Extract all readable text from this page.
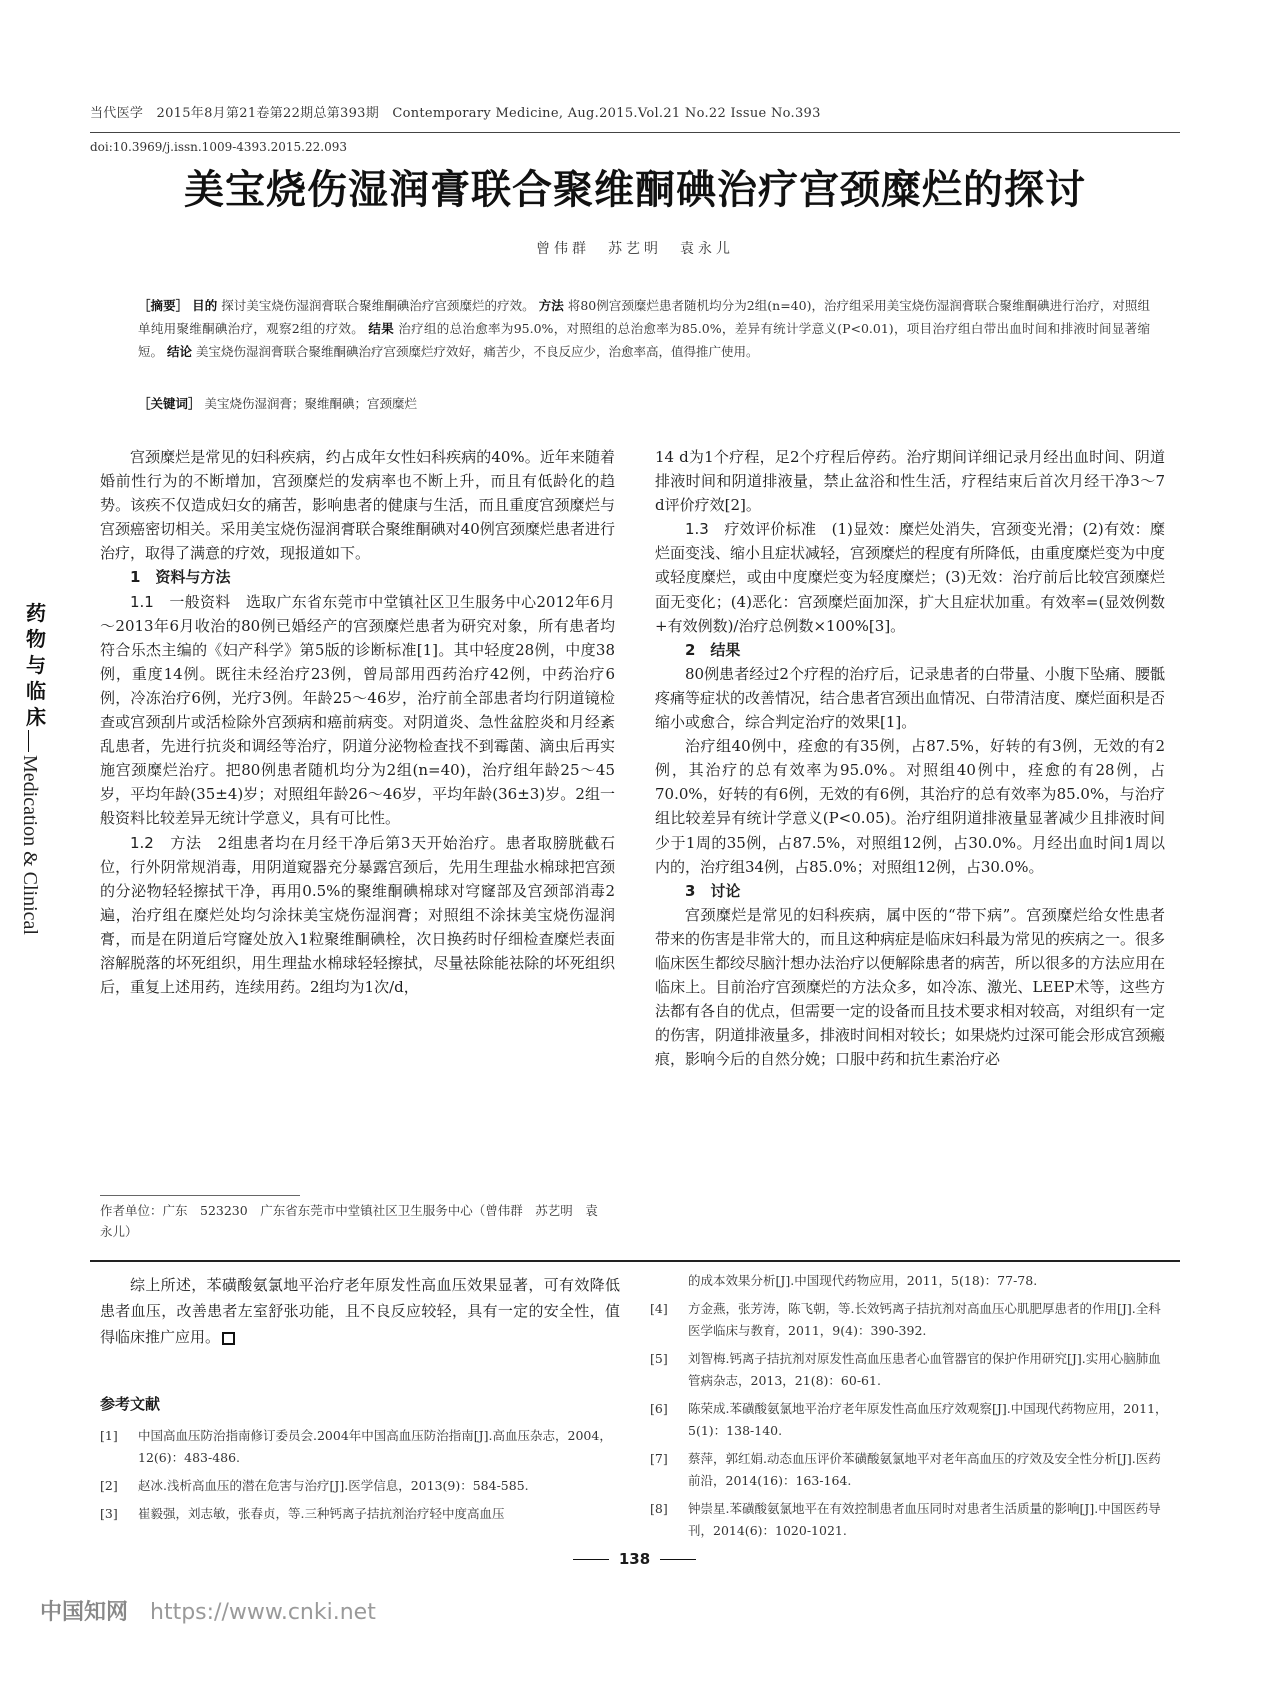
当代医学　2015年8月第21卷第22期总第393期　Contemporary Medicine, Aug.2015.Vol.21 No.22 Issue No.393
doi:10.3969/j.issn.1009-4393.2015.22.093
美宝烧伤湿润膏联合聚维酮碘治疗宫颈糜烂的探讨
曾伟群　苏艺明　袁永儿
［摘要］ 目的 探讨美宝烧伤湿润膏联合聚维酮碘治疗宫颈糜烂的疗效。 方法 将80例宫颈糜烂患者随机均分为2组(n=40)，治疗组采用美宝烧伤湿润膏联合聚维酮碘进行治疗，对照组单纯用聚维酮碘治疗，观察2组的疗效。 结果 治疗组的总治愈率为95.0%，对照组的总治愈率为85.0%，差异有统计学意义(P<0.01)，项目治疗组白带出血时间和排液时间显著缩短。 结论 美宝烧伤湿润膏联合聚维酮碘治疗宫颈糜烂疗效好，痛苦少，不良反应少，治愈率高，值得推广使用。
［关键词］ 美宝烧伤湿润膏；聚维酮碘；宫颈糜烂
药
物
与
临
床
Medication & Clinical

宫颈糜烂是常见的妇科疾病，约占成年女性妇科疾病的40%。近年来随着婚前性行为的不断增加，宫颈糜烂的发病率也不断上升，而且有低龄化的趋势。该疾不仅造成妇女的痛苦，影响患者的健康与生活，而且重度宫颈糜烂与宫颈癌密切相关。采用美宝烧伤湿润膏联合聚维酮碘对40例宫颈糜烂患者进行治疗，取得了满意的疗效，现报道如下。

1　资料与方法

1.1　一般资料　 选取广东省东莞市中堂镇社区卫生服务中心2012年6月～2013年6月收治的80例已婚经产的宫颈糜烂患者为研究对象，所有患者均符合乐杰主编的《妇产科学》第5版的诊断标准[1]。其中轻度28例，中度38例，重度14例。既往未经治疗23例，曾局部用西药治疗42例，中药治疗6例，冷冻治疗6例，光疗3例。年龄25～46岁，治疗前全部患者均行阴道镜检查或宫颈刮片或活检除外宫颈病和癌前病变。对阴道炎、急性盆腔炎和月经紊乱患者，先进行抗炎和调经等治疗，阴道分泌物检查找不到霉菌、滴虫后再实施宫颈糜烂治疗。把80例患者随机均分为2组(n=40)，治疗组年龄25～45岁，平均年龄(35±4)岁；对照组年龄26～46岁，平均年龄(36±3)岁。2组一般资料比较差异无统计学意义，具有可比性。

1.2　方法　 2组患者均在月经干净后第3天开始治疗。患者取膀胱截石位，行外阴常规消毒，用阴道窥器充分暴露宫颈后，先用生理盐水棉球把宫颈的分泌物轻轻擦拭干净，再用0.5%的聚维酮碘棉球对穹窿部及宫颈部消毒2遍，治疗组在糜烂处均匀涂抹美宝烧伤湿润膏；对照组不涂抹美宝烧伤湿润膏，而是在阴道后穹窿处放入1粒聚维酮碘栓，次日换药时仔细检查糜烂表面溶解脱落的坏死组织，用生理盐水棉球轻轻擦拭，尽量祛除能祛除的坏死组织后，重复上述用药，连续用药。2组均为1次/d，

14 d为1个疗程，足2个疗程后停药。治疗期间详细记录月经出血时间、阴道排液时间和阴道排液量，禁止盆浴和性生活，疗程结束后首次月经干净3～7 d评价疗效[2]。

1.3　疗效评价标准　 (1)显效：糜烂处消失，宫颈变光滑；(2)有效：糜烂面变浅、缩小且症状减轻，宫颈糜烂的程度有所降低，由重度糜烂变为中度或轻度糜烂，或由中度糜烂变为轻度糜烂；(3)无效：治疗前后比较宫颈糜烂面无变化；(4)恶化：宫颈糜烂面加深，扩大且症状加重。有效率=(显效例数+有效例数)/治疗总例数×100%[3]。

2　结果

80例患者经过2个疗程的治疗后，记录患者的白带量、小腹下坠痛、腰骶疼痛等症状的改善情况，结合患者宫颈出血情况、白带清洁度、糜烂面积是否缩小或愈合，综合判定治疗的效果[1]。

治疗组40例中，痊愈的有35例，占87.5%，好转的有3例，无效的有2例，其治疗的总有效率为95.0%。对照组40例中，痊愈的有28例，占70.0%，好转的有6例，无效的有6例，其治疗的总有效率为85.0%，与治疗组比较差异有统计学意义(P<0.05)。治疗组阴道排液量显著减少且排液时间少于1周的35例，占87.5%，对照组12例，占30.0%。月经出血时间1周以内的，治疗组34例，占85.0%；对照组12例，占30.0%。

3　讨论

宫颈糜烂是常见的妇科疾病，属中医的“带下病”。宫颈糜烂给女性患者带来的伤害是非常大的，而且这种病症是临床妇科最为常见的疾病之一。很多临床医生都绞尽脑汁想办法治疗以便解除患者的病苦，所以很多的方法应用在临床上。目前治疗宫颈糜烂的方法众多，如冷冻、激光、LEEP术等，这些方法都有各自的优点，但需要一定的设备而且技术要求相对较高，对组织有一定的伤害，阴道排液量多，排液时间相对较长；如果烧灼过深可能会形成宫颈瘢痕，影响今后的自然分娩；口服中药和抗生素治疗必

作者单位：广东　523230　广东省东莞市中堂镇社区卫生服务中心（曾伟群　苏艺明　袁永儿）
综上所述，苯磺酸氨氯地平治疗老年原发性高血压效果显著，可有效降低患者血压，改善患者左室舒张功能，且不良反应较轻，具有一定的安全性，值得临床推广应用。
参考文献
[1]	中国高血压防治指南修订委员会.2004年中国高血压防治指南[J].高血压杂志，2004，12(6)：483-486.
[2]	赵冰.浅析高血压的潜在危害与治疗[J].医学信息，2013(9)：584-585.
[3]	崔毅强，刘志敏，张春贞，等.三种钙离子拮抗剂治疗轻中度高血压
的成本效果分析[J].中国现代药物应用，2011，5(18)：77-78.
[4]	方金燕，张芳涛，陈飞朝，等.长效钙离子拮抗剂对高血压心肌肥厚患者的作用[J].全科医学临床与教育，2011，9(4)：390-392.
[5]	刘智梅.钙离子拮抗剂对原发性高血压患者心血管器官的保护作用研究[J].实用心脑肺血管病杂志，2013，21(8)：60-61.
[6]	陈荣成.苯磺酸氨氯地平治疗老年原发性高血压疗效观察[J].中国现代药物应用，2011，5(1)：138-140.
[7]	蔡萍，郭红娟.动态血压评价苯磺酸氨氯地平对老年高血压的疗效及安全性分析[J].医药前沿，2014(16)：163-164.
[8]	钟崇星.苯磺酸氨氯地平在有效控制患者血压同时对患者生活质量的影响[J].中国医药导刊，2014(6)：1020-1021.
138
中国知网 https://www.cnki.net
